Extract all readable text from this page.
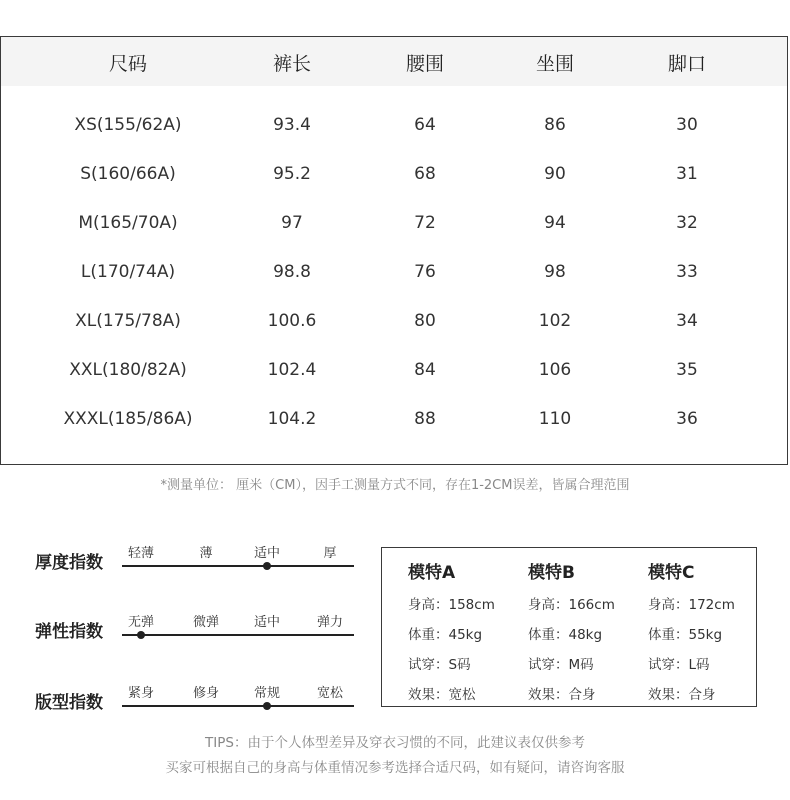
尺码	裤长	腰围	坐围	脚口
XS(155/62A)	93.4	64	86	30
S(160/66A)	95.2	68	90	31
M(165/70A)	97	72	94	32
L(170/74A)	98.8	76	98	33
XL(175/78A)	100.6	80	102	34
XXL(180/82A)	102.4	84	106	35
XXXL(185/86A)	104.2	88	110	36
*测量单位： 厘米（CM），因手工测量方式不同，存在1-2CM误差，皆属合理范围
厚度指数 轻薄	薄	适中	厚
弹性指数 无弹	微弹	适中	弹力
版型指数 紧身	修身	常规	宽松
模特A
身高：158cm
体重：45kg
试穿：S码
效果：宽松
模特B
身高：166cm
体重：48kg
试穿：M码
效果：合身
模特C
身高：172cm
体重：55kg
试穿：L码
效果：合身
TIPS：由于个人体型差异及穿衣习惯的不同，此建议表仅供参考
买家可根据自己的身高与体重情况参考选择合适尺码，如有疑问，请咨询客服
